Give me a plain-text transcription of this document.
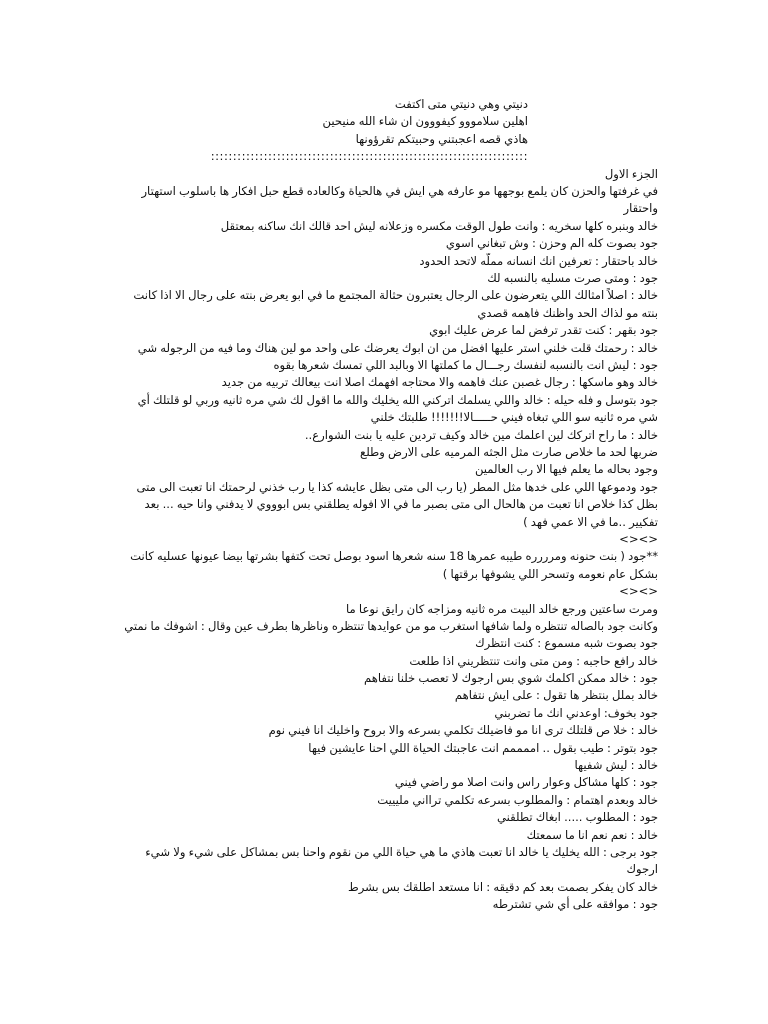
دنيتي وهي دنيتي متى اكتفت
اهلين سلامووو كيفووون ان شاء الله منيحين
هاذي قصه اعجبتني وحبيتكم تقرؤونها
::::::::::::::::::::::::::::::::::::::::::::::::::::::::::::::::::::::::
الجزء الاول
في غرفتها والحزن كان يلمع بوجهها مو عارفه هي ايش في هالحياة وكالعاده قطع حبل افكار ها باسلوب استهتار واحتقار
خالد وبنبره كلها سخريه : وانت طول الوقت مكسره وزعلانه ليش احد قالك انك ساكنه بمعتقل
جود بصوت كله الم وحزن : وش تبغاني اسوي
خالد باحتقار : تعرفين انك انسانه مملّه لاتحد الحدود
جود : ومتى صرت مسليه بالنسبه لك
خالد : اصلاً امثالك اللي يتعرضون على الرجال يعتبرون حثالة المجتمع ما في ابو يعرض بنته على رجال الا اذا كانت بنته مو لذاك الحد واظنك فاهمه قصدي
جود بقهر : كنت تقدر ترفض لما عرض عليك ابوي
خالد : رحمتك قلت خلني استر عليها افضل من ان ابوك يعرضك على واحد مو لين هناك وما فيه من الرجوله شي
جود : ليش انت بالنسبه لنفسك رجـــال ما كملتها الا وبالبد اللي تمسك شعرها بقوه
خالد وهو ماسكها : رجال غصبن عنك فاهمه والا محتاجه افهمك اصلا انت بيعالك تربيه من جديد
جود بتوسل و فله حيله : خالد واللي يسلمك اتركني الله يخليك والله ما اقول لك شي مره ثانيه وربي لو قلتلك أي شي مره ثانيه سو اللي تبغاه فيني حـــــالا!!!!!!! طلبتك خلني
خالد : ما راح اتركك لين اعلمك مين خالد وكيف تردين عليه يا بنت الشوارع..
ضربها لحد ما خلاص صارت مثل الجثه المرميه على الارض وطلع
وجود بحاله ما يعلم فيها الا رب العالمين
جود ودموعها اللي على خدها مثل المطر (يا رب الى متى بظل عايشه كذا يا رب خذني لرحمتك انا تعبت الى متى بظل كذا خلاص انا تعبت من هالحال الى متى بصبر ما في الا افوله يطلقني بس ابوووي لا يدفني وانا حيه ... بعد تفكيير ..ما في الا عمي فهد )
<><>
**جود ( بنت حنونه ومرررره طيبه عمرها 18 سنه شعرها اسود بوصل تحت كتفها بشرتها بيضا عيونها عسليه كانت بشكل عام نعومه وتسحر اللي يشوفها برقتها )
<><>
ومرت ساعتين ورجع خالد البيت مره ثانيه ومزاجه كان رايق نوعا ما
وكانت جود بالصاله تنتظره ولما شافها استغرب مو من عوايدها تنتظره وناظرها بطرف عين وقال : اشوفك ما نمتي
جود بصوت شبه مسموع : كنت انتظرك
خالد رافع حاجبه : ومن متى وانت تنتظريني اذا طلعت
جود : خالد ممكن اكلمك شوي بس ارجوك لا تعصب خلنا نتفاهم
خالد بملل بنتظر ها تقول : على ايش نتفاهم
جود بخوف: اوعدني انك ما تضربني
خالد : خلا ص قلتلك ترى انا مو فاضيلك تكلمي بسرعه والا بروح واخليك انا فيني نوم
جود بتوتر : طيب بقول .. اممممم انت عاجبتك الحياة اللي احنا عايشين فيها
خالد : ليش شفيها
جود : كلها مشاكل وعوار راس وانت اصلا مو راضي فيني
خالد وبعدم اهتمام : والمطلوب بسرعه تكلمي ترااني مليييت
جود : المطلوب ..... ابغاك تطلقني
خالد : نعم نعم انا ما سمعتك
جود برجى : الله يخليك يا خالد انا تعبت هاذي ما هي حياة اللي من نقوم واحنا بس بمشاكل على شيء ولا شيء ارجوك
خالد كان يفكر بصمت بعد كم دقيقه : انا مستعد اطلقك بس بشرط
جود : موافقه على أي شي تشترطه
